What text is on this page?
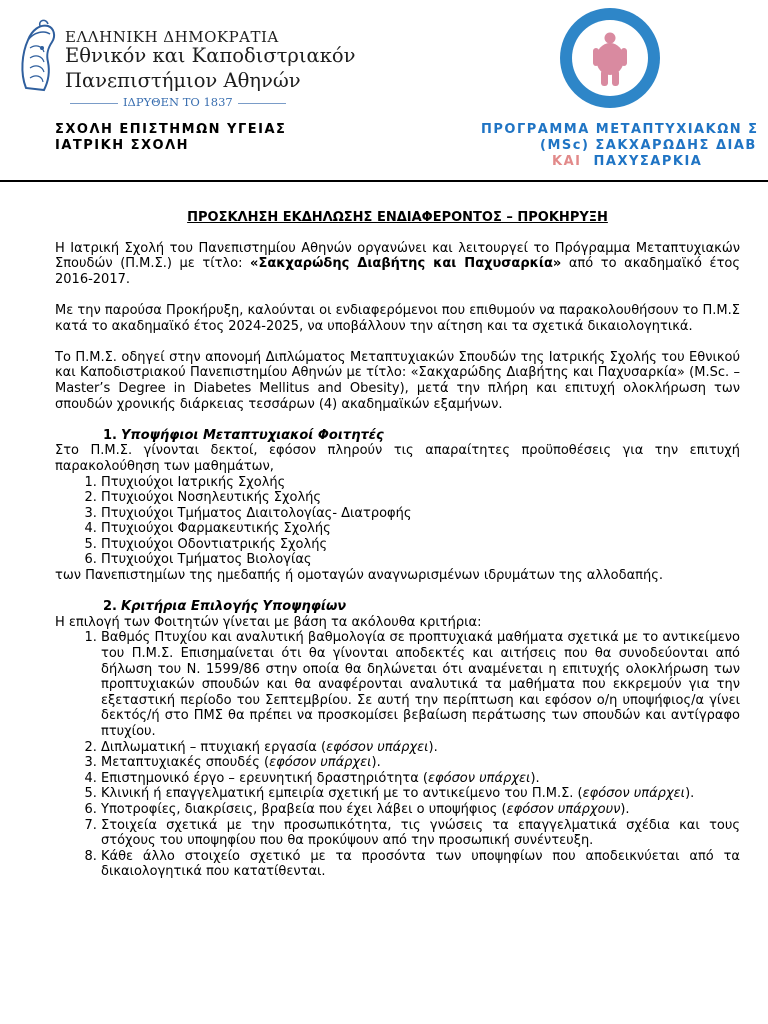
ΕΛΛΗΝΙΚΗ ΔΗΜΟΚΡΑΤΙΑ
Εθνικόν και Καποδιστριακόν
Πανεπιστήμιον Αθηνών
ΙΔΡΥΘΕΝ ΤΟ 1837
ΣΧΟΛΗ ΕΠΙΣΤΗΜΩΝ ΥΓΕΙΑΣ
ΙΑΤΡΙΚΗ ΣΧΟΛΗ
ΠΡΟΓΡΑΜΜΑ ΜΕΤΑΠΤΥΧΙΑΚΩΝ Σ
(MSc) ΣΑΚΧΑΡΩΔΗΣ ΔΙΑΒ
ΚΑΙ ΠΑΧΥΣΑΡΚΙΑ
ΠΡΟΣΚΛΗΣΗ ΕΚΔΗΛΩΣΗΣ ΕΝΔΙΑΦΕΡΟΝΤΟΣ – ΠΡΟΚΗΡΥΞΗ

Η Ιατρική Σχολή του Πανεπιστημίου Αθηνών οργανώνει και λειτουργεί το Πρόγραμμα Μεταπτυχιακών Σπουδών (Π.Μ.Σ.) με τίτλο: «Σακχαρώδης Διαβήτης και Παχυσαρκία» από το ακαδημαϊκό έτος 2016-2017.

Με την παρούσα Προκήρυξη, καλούνται οι ενδιαφερόμενοι που επιθυμούν να παρακολουθήσουν το Π.Μ.Σ κατά το ακαδημαϊκό έτος 2024-2025, να υποβάλλουν την αίτηση και τα σχετικά δικαιολογητικά.

Το Π.Μ.Σ. οδηγεί στην απονομή Διπλώματος Μεταπτυχιακών Σπουδών της Ιατρικής Σχολής του Εθνικού και Καποδιστριακού Πανεπιστημίου Αθηνών με τίτλο: «Σακχαρώδης Διαβήτης και Παχυσαρκία» (M.Sc. – Master’s Degree in Diabetes Mellitus and Obesity), μετά την πλήρη και επιτυχή ολοκλήρωση των σπουδών χρονικής διάρκειας τεσσάρων (4) ακαδημαϊκών εξαμήνων.

1. Υποψήφιοι Μεταπτυχιακοί Φοιτητές

Στο Π.Μ.Σ. γίνονται δεκτοί, εφόσον πληρούν τις απαραίτητες προϋποθέσεις για την επιτυχή παρακολούθηση των μαθημάτων,

1. Πτυχιούχοι Ιατρικής Σχολής
2. Πτυχιούχοι Νοσηλευτικής Σχολής
3. Πτυχιούχοι Τμήματος Διαιτολογίας- Διατροφής
4. Πτυχιούχοι Φαρμακευτικής Σχολής
5. Πτυχιούχοι Οδοντιατρικής Σχολής
6. Πτυχιούχοι Τμήματος Βιολογίας

των Πανεπιστημίων της ημεδαπής ή ομοταγών αναγνωρισμένων ιδρυμάτων της αλλοδαπής.

2. Κριτήρια Επιλογής Υποψηφίων

Η επιλογή των Φοιτητών γίνεται με βάση τα ακόλουθα κριτήρια:

1. Βαθμός Πτυχίου και αναλυτική βαθμολογία σε προπτυχιακά μαθήματα σχετικά με το αντικείμενο του Π.Μ.Σ. Επισημαίνεται ότι θα γίνονται αποδεκτές και αιτήσεις που θα συνοδεύονται από δήλωση του Ν. 1599/86 στην οποία θα δηλώνεται ότι αναμένεται η επιτυχής ολοκλήρωση των προπτυχιακών σπουδών και θα αναφέρονται αναλυτικά τα μαθήματα που εκκρεμούν για την εξεταστική περίοδο του Σεπτεμβρίου. Σε αυτή την περίπτωση και εφόσον ο/η υποψήφιος/α γίνει δεκτός/ή στο ΠΜΣ θα πρέπει να προσκομίσει βεβαίωση περάτωσης των σπουδών και αντίγραφο πτυχίου.
2. Διπλωματική – πτυχιακή εργασία (εφόσον υπάρχει).
3. Μεταπτυχιακές σπουδές (εφόσον υπάρχει).
4. Επιστημονικό έργο – ερευνητική δραστηριότητα (εφόσον υπάρχει).
5. Κλινική ή επαγγελματική εμπειρία σχετική με το αντικείμενο του Π.Μ.Σ. (εφόσον υπάρχει).
6. Υποτροφίες, διακρίσεις, βραβεία που έχει λάβει ο υποψήφιος (εφόσον υπάρχουν).
7. Στοιχεία σχετικά με την προσωπικότητα, τις γνώσεις τα επαγγελματικά σχέδια και τους στόχους του υποψηφίου που θα προκύψουν από την προσωπική συνέντευξη.
8. Κάθε άλλο στοιχείο σχετικό με τα προσόντα των υποψηφίων που αποδεικνύεται από τα δικαιολογητικά που κατατίθενται.
